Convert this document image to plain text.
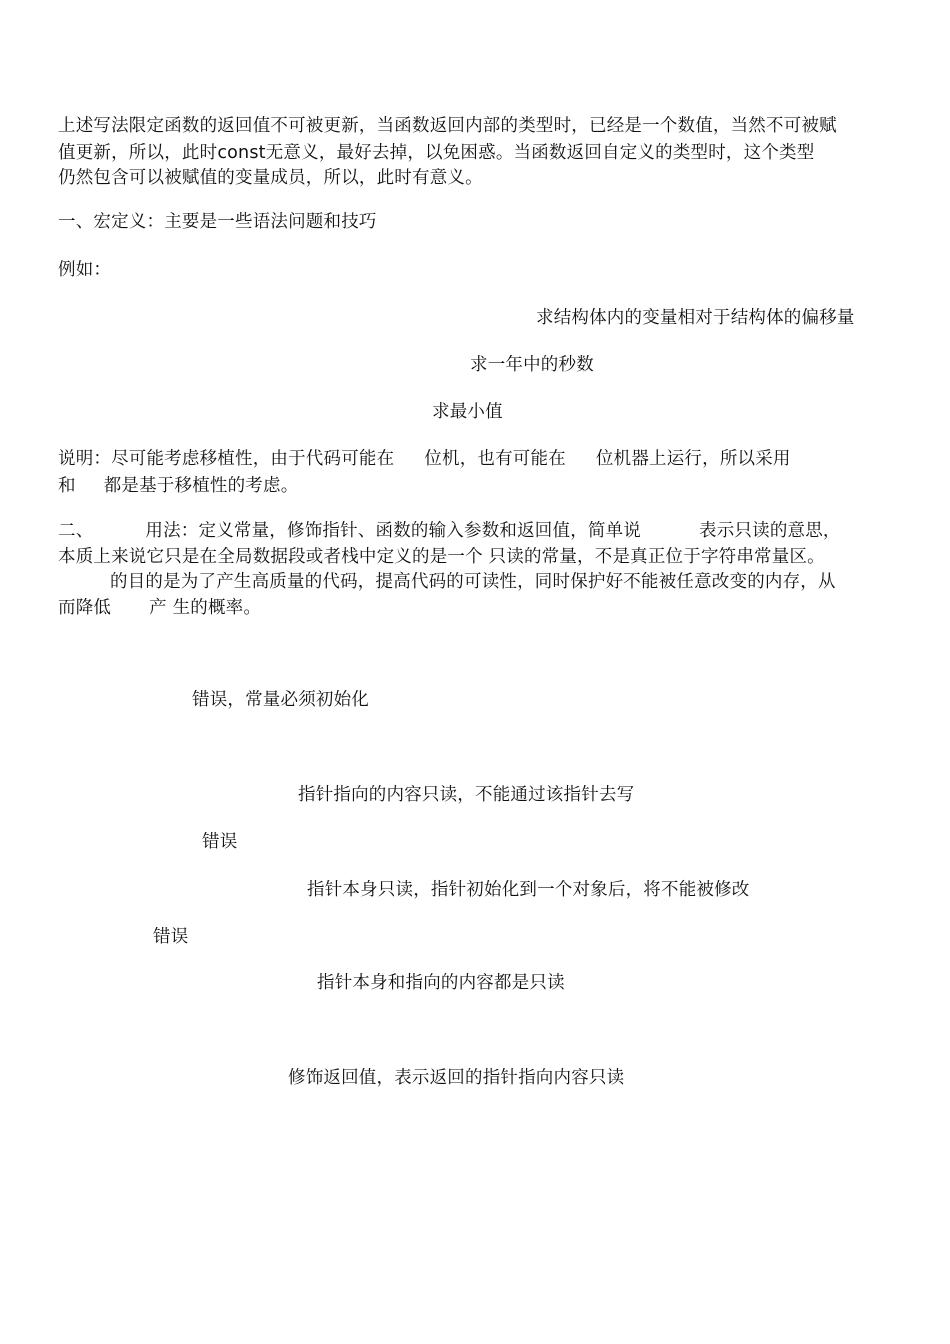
上述写法限定函数的返回值不可被更新，当函数返回内部的类型时，已经是一个数值，当然不可被赋
值更新，所以，此时const无意义，最好去掉，以免困惑。当函数返回自定义的类型时，这个类型
仍然包含可以被赋值的变量成员，所以，此时有意义。
一、宏定义：主要是一些语法问题和技巧
例如：
求结构体内的变量相对于结构体的偏移量
求一年中的秒数
求最小值
说明：尽可能考虑移植性，由于代码可能在 位机，也有可能在 位机器上运行，所以采用
和 都是基于移植性的考虑。
二、	用法：定义常量，修饰指针、函数的输入参数和返回值，简单说	表示只读的意思，
本质上来说它只是在全局数据段或者栈中定义的是一个 只读的常量，不是真正位于字符串常量区。
的目的是为了产生高质量的代码，提高代码的可读性，同时保护好不能被任意改变的内存，从
而降低 产 生的概率。
错误，常量必须初始化
指针指向的内容只读，不能通过该指针去写
错误
指针本身只读，指针初始化到一个对象后，将不能被修改
错误
指针本身和指向的内容都是只读
修饰返回值，表示返回的指针指向内容只读
